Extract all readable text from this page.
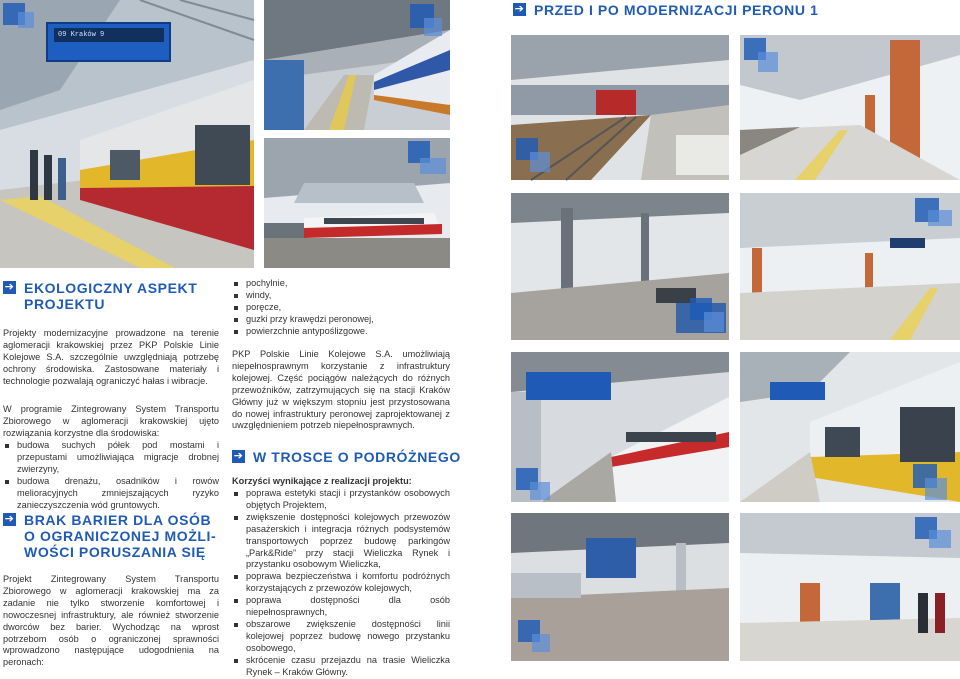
09 Kraków 9
➔ PRZED I PO MODERNIZACJI PERONU 1
➔ EKOLOGICZNY ASPEKT
PROJEKTU

Projekty modernizacyjne prowadzone na terenie aglomeracji krakowskiej przez PKP Polskie Linie Kolejowe S.A. szczególnie uwzględniają potrzebę ochrony środowiska. Zastosowane materiały i technologie pozwalają ograniczyć hałas i wibracje.

W programie Zintegrowany System Transportu Zbiorowego w aglomeracji krakowskiej ujęto rozwiązania korzystne dla środowiska:

budowa suchych półek pod mostami i przepustami umożliwiająca migracje drobnej zwierzyny,
budowa drenażu, osadników i rowów melioracyjnych zmniejszających ryzyko zanieczyszczenia wód gruntowych.
➔ BRAK BARIER DLA OSÓB
O OGRANICZONEJ MOŻLI-
WOŚCI PORUSZANIA SIĘ

Projekt Zintegrowany System Transportu Zbiorowego w aglomeracji krakowskiej ma za zadanie nie tylko stworzenie komfortowej i nowoczesnej infrastruktury, ale również stworzenie dworców bez barier. Wychodząc na wprost potrzebom osób o ograniczonej sprawności wprowadzono następujące udogodnienia na peronach:

pochylnie,
windy,
poręcze,
guzki przy krawędzi peronowej,
powierzchnie antypoślizgowe.

PKP Polskie Linie Kolejowe S.A. umożliwiają niepełnosprawnym korzystanie z infrastruktury kolejowej. Część pociągów należących do różnych przewoźników, zatrzymujących się na stacji Kraków Główny już w większym stopniu jest przystosowana do nowej infrastruktury peronowej zaprojektowanej z uwzględnieniem potrzeb niepełnosprawnych.

➔ W TROSCE O PODRÓŻNEGO

Korzyści wynikające z realizacji projektu:

poprawa estetyki stacji i przystanków osobowych objętych Projektem,
zwiększenie dostępności kolejowych przewozów pasażerskich i integracja różnych podsystemów transportowych poprzez budowę parkingów „Park&Ride” przy stacji Wieliczka Rynek i przystanku osobowym Wieliczka,
poprawa bezpieczeństwa i komfortu podróżnych korzystających z przewozów kolejowych,
poprawa dostępności dla osób niepełnosprawnych,
obszarowe zwiększenie dostępności linii kolejowej poprzez budowę nowego przystanku osobowego,
skrócenie czasu przejazdu na trasie Wieliczka Rynek – Kraków Główny.
